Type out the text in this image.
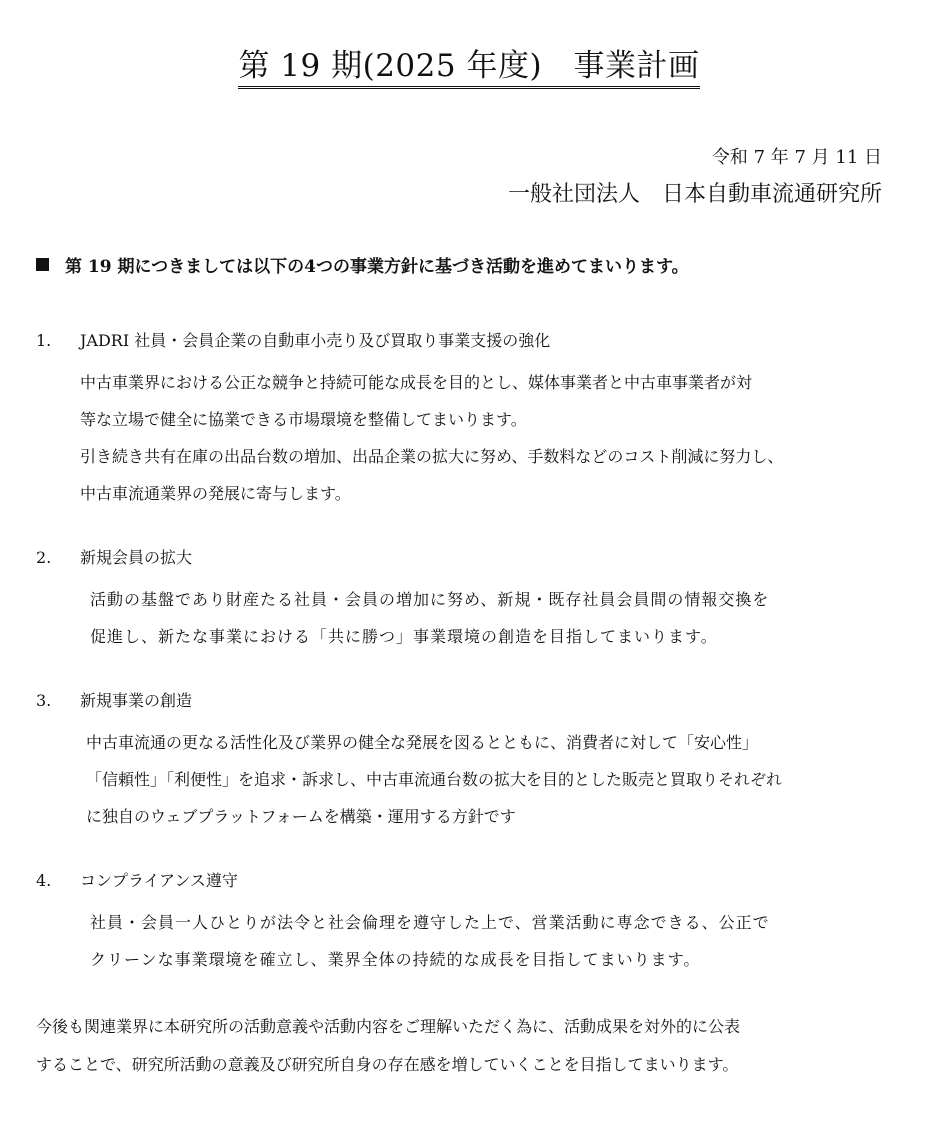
第 19 期(2025 年度)　事業計画
令和 7 年 7 月 11 日
一般社団法人　日本自動車流通研究所
第 19 期につきましては以下の4つの事業方針に基づき活動を進めてまいります。
1. JADRI 社員・会員企業の自動車小売り及び買取り事業支援の強化

中古車業界における公正な競争と持続可能な成長を目的とし、媒体事業者と中古車事業者が対

等な立場で健全に協業できる市場環境を整備してまいります。

引き続き共有在庫の出品台数の増加、出品企業の拡大に努め、手数料などのコスト削減に努力し、

中古車流通業界の発展に寄与します。

2. 新規会員の拡大

活動の基盤であり財産たる社員・会員の増加に努め、新規・既存社員会員間の情報交換を

促進し、新たな事業における「共に勝つ」事業環境の創造を目指してまいります。

3. 新規事業の創造

中古車流通の更なる活性化及び業界の健全な発展を図るとともに、消費者に対して「安心性」

「信頼性」「利便性」を追求・訴求し、中古車流通台数の拡大を目的とした販売と買取りそれぞれ

に独自のウェブプラットフォームを構築・運用する方針です

4. コンプライアンス遵守

社員・会員一人ひとりが法令と社会倫理を遵守した上で、営業活動に専念できる、公正で

クリーンな事業環境を確立し、業界全体の持続的な成長を目指してまいります。

今後も関連業界に本研究所の活動意義や活動内容をご理解いただく為に、活動成果を対外的に公表

することで、研究所活動の意義及び研究所自身の存在感を増していくことを目指してまいります。
